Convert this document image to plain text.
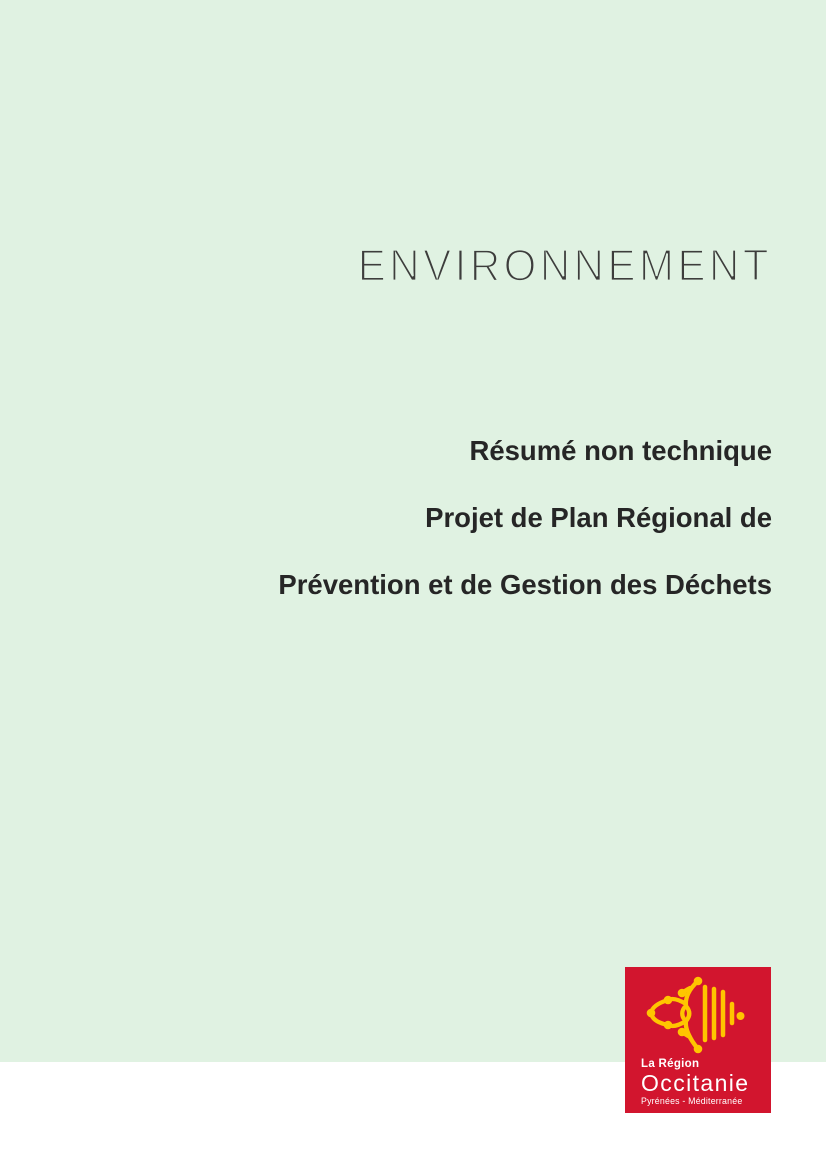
ENVIRONNEMENT
Résumé non technique
Projet de Plan Régional de
Prévention et de Gestion des Déchets
La Région
Occitanie
Pyrénées - Méditerranée
